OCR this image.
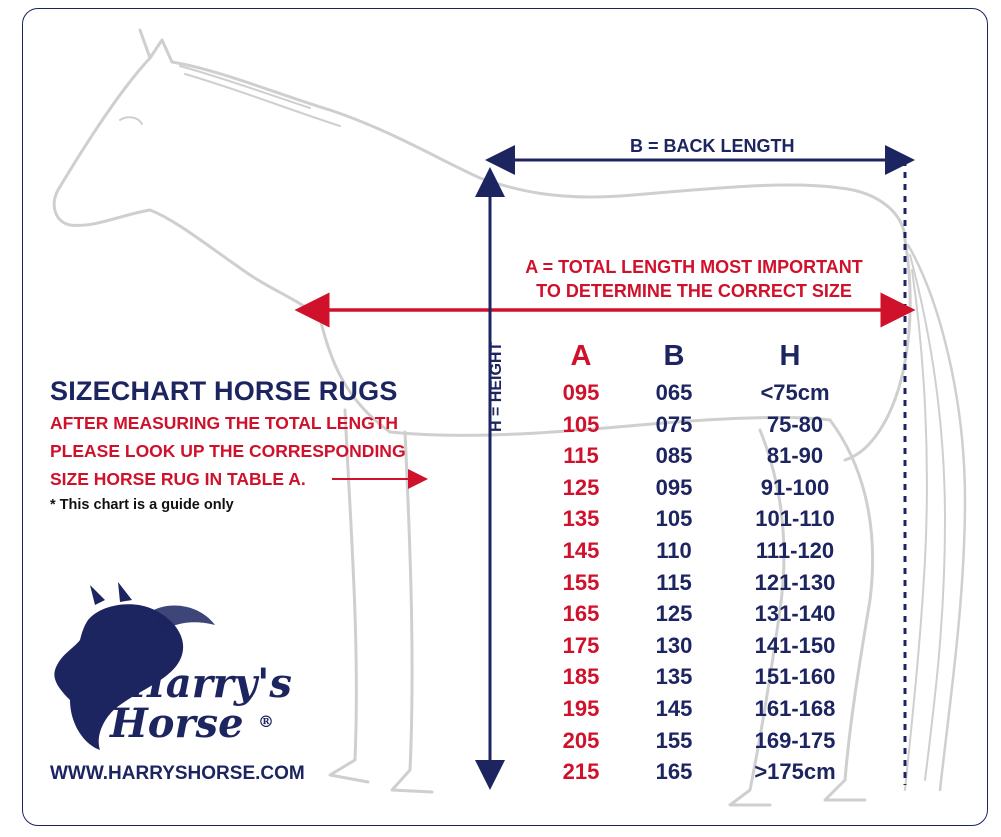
SIZECHART HORSE RUGS
AFTER MEASURING THE TOTAL LENGTH
PLEASE LOOK UP THE CORRESPONDING
SIZE HORSE RUG IN TABLE A.
* This chart is a guide only
WWW.HARRYSHORSE.COM
Harry's
Horse ®
B = BACK LENGTH
A = TOTAL LENGTH MOST IMPORTANT
TO DETERMINE THE CORRECT SIZE
H = HEIGHT	A	B	H
095	065	<75cm
105	075	75-80
115	085	81-90
125	095	91-100
135	105	101-110
145	110	111-120
155	115	121-130
165	125	131-140
175	130	141-150
185	135	151-160
195	145	161-168
205	155	169-175
215	165	>175cm
